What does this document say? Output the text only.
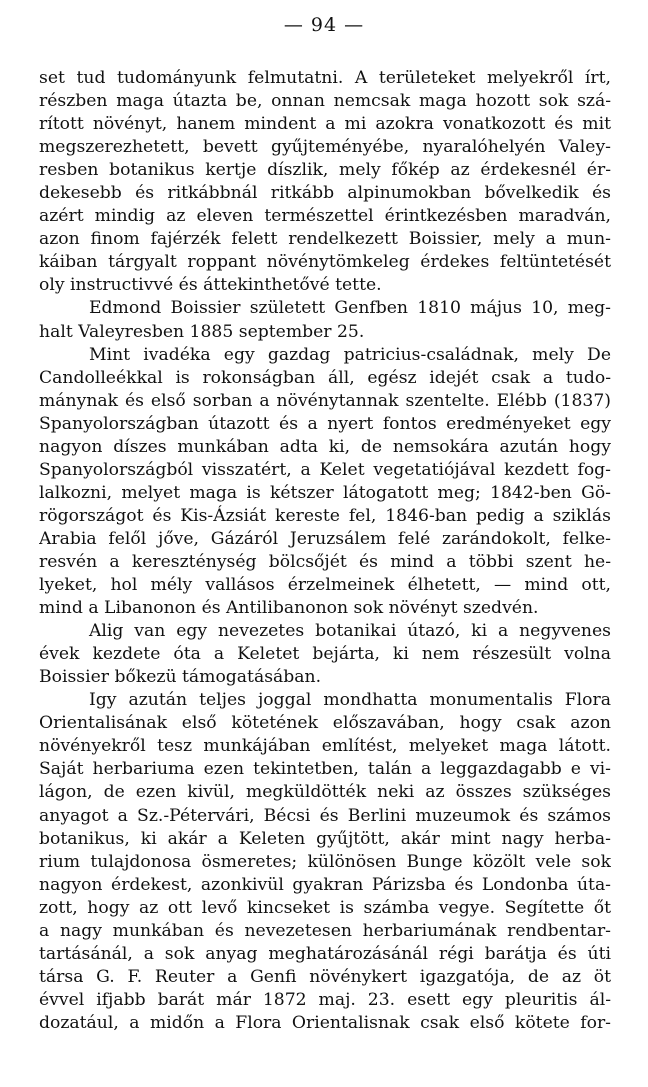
— 94 —
set tud tudományunk felmutatni. A területeket melyekről írt,
részben maga útazta be, onnan nemcsak maga hozott sok szá-
rított növényt, hanem mindent a mi azokra vonatkozott és mit
megszerezhetett, bevett gyűjteményébe, nyaralóhelyén Valey-
resben botanikus kertje díszlik, mely főkép az érdekesnél ér-
dekesebb és ritkábbnál ritkább alpinumokban bővelkedik és
azért mindig az eleven természettel érintkezésben maradván,
azon finom fajérzék felett rendelkezett Boissier, mely a mun-
káiban tárgyalt roppant növénytömkeleg érdekes feltüntetését
oly instructivvé és áttekinthetővé tette.
Edmond Boissier született Genfben 1810 május 10, meg-
halt Valeyresben 1885 september 25.
Mint ivadéka egy gazdag patricius-családnak, mely De
Candolleékkal is rokonságban áll, egész idejét csak a tudo-
mánynak és első sorban a növénytannak szentelte. Elébb (1837)
Spanyolországban útazott és a nyert fontos eredményeket egy
nagyon díszes munkában adta ki, de nemsokára azután hogy
Spanyolországból visszatért, a Kelet vegetatiójával kezdett fog-
lalkozni, melyet maga is kétszer látogatott meg; 1842-ben Gö-
rögországot és Kis-Ázsiát kereste fel, 1846-ban pedig a sziklás
Arabia felől jőve, Gázáról Jeruzsálem felé zarándokolt, felke-
resvén a kereszténység bölcsőjét és mind a többi szent he-
lyeket, hol mély vallásos érzelmeinek élhetett, — mind ott,
mind a Libanonon és Antilibanonon sok növényt szedvén.
Alig van egy nevezetes botanikai útazó, ki a negyvenes
évek kezdete óta a Keletet bejárta, ki nem részesült volna
Boissier bőkezü támogatásában.
Igy azután teljes joggal mondhatta monumentalis Flora
Orientalisának első kötetének előszavában, hogy csak azon
növényekről tesz munkájában említést, melyeket maga látott.
Saját herbariuma ezen tekintetben, talán a leggazdagabb e vi-
lágon, de ezen kivül, megküldötték neki az összes szükséges
anyagot a Sz.-Pétervári, Bécsi és Berlini muzeumok és számos
botanikus, ki akár a Keleten gyűjtött, akár mint nagy herba-
rium tulajdonosa ösmeretes; különösen Bunge közölt vele sok
nagyon érdekest, azonkivül gyakran Párizsba és Londonba úta-
zott, hogy az ott levő kincseket is számba vegye. Segítette őt
a nagy munkában és nevezetesen herbariumának rendbentar-
tartásánál, a sok anyag meghatározásánál régi barátja és úti
társa G. F. Reuter a Genfi növénykert igazgatója, de az öt
évvel ifjabb barát már 1872 maj. 23. esett egy pleuritis ál-
dozatául, a midőn a Flora Orientalisnak csak első kötete for-
